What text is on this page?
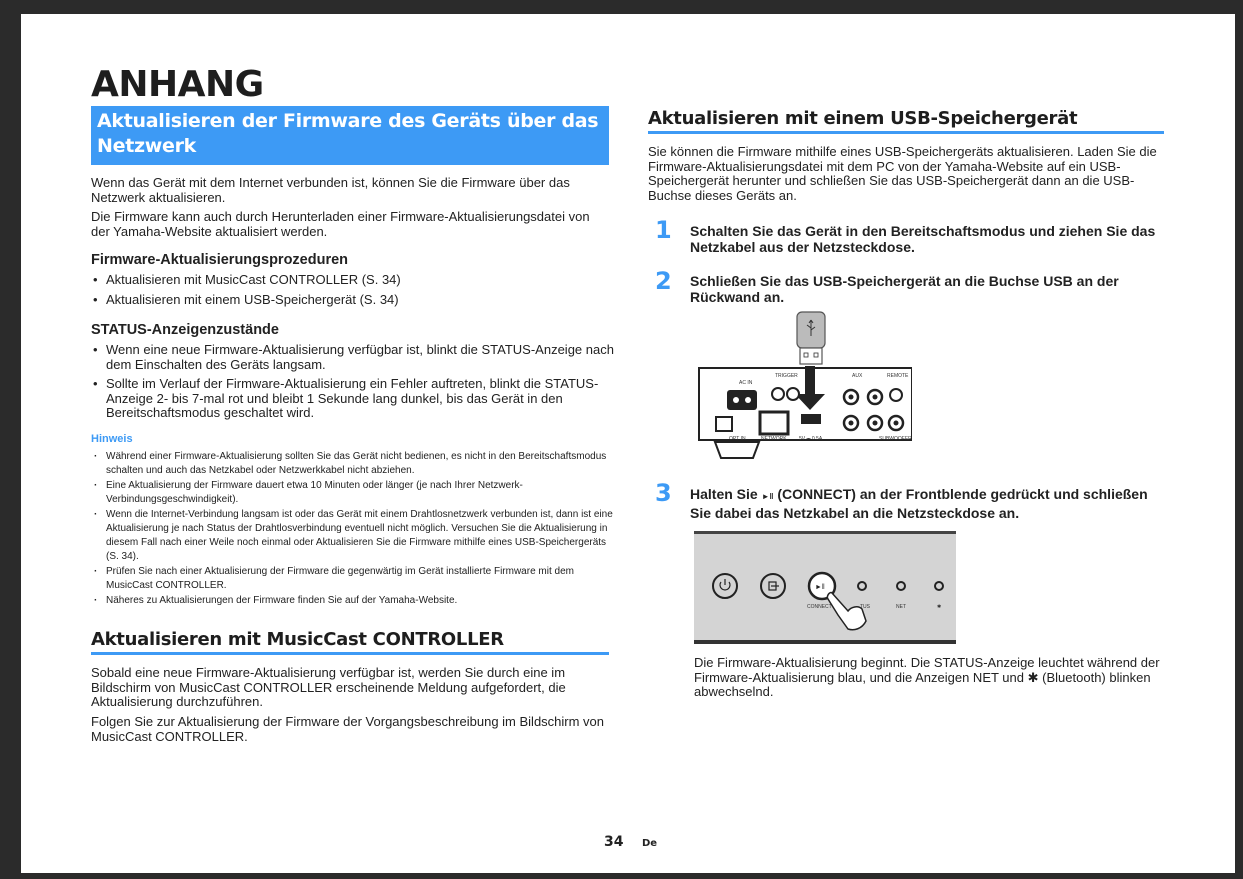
ANHANG
Aktualisieren der Firmware des Geräts über das
Netzwerk
Wenn das Gerät mit dem Internet verbunden ist, können Sie die Firmware über das
Netzwerk aktualisieren.
Die Firmware kann auch durch Herunterladen einer Firmware-Aktualisierungsdatei von
der Yamaha-Website aktualisiert werden.
Firmware-Aktualisierungsprozeduren
• Aktualisieren mit MusicCast CONTROLLER (S. 34)
• Aktualisieren mit einem USB-Speichergerät (S. 34)
STATUS-Anzeigenzustände
• Wenn eine neue Firmware-Aktualisierung verfügbar ist, blinkt die STATUS-Anzeige nach dem Einschalten des Geräts langsam.
• Sollte im Verlauf der Firmware-Aktualisierung ein Fehler auftreten, blinkt die STATUS-Anzeige 2- bis 7-mal rot und bleibt 1 Sekunde lang dunkel, bis das Gerät in den Bereitschaftsmodus geschaltet wird.
Hinweis
· Während einer Firmware-Aktualisierung sollten Sie das Gerät nicht bedienen, es nicht in den Bereitschaftsmodus schalten und auch das Netzkabel oder Netzwerkkabel nicht abziehen.
· Eine Aktualisierung der Firmware dauert etwa 10 Minuten oder länger (je nach Ihrer Netzwerk-Verbindungsgeschwindigkeit).
· Wenn die Internet-Verbindung langsam ist oder das Gerät mit einem Drahtlosnetzwerk verbunden ist, dann ist eine Aktualisierung je nach Status der Drahtlosverbindung eventuell nicht möglich. Versuchen Sie die Aktualisierung in diesem Fall nach einer Weile noch einmal oder Aktualisieren Sie die Firmware mithilfe eines USB-Speichergeräts (S. 34).
· Prüfen Sie nach einer Aktualisierung der Firmware die gegenwärtig im Gerät installierte Firmware mit dem MusicCast CONTROLLER.
· Näheres zu Aktualisierungen der Firmware finden Sie auf der Yamaha-Website.
Aktualisieren mit MusicCast CONTROLLER
Sobald eine neue Firmware-Aktualisierung verfügbar ist, werden Sie durch eine im Bildschirm von MusicCast CONTROLLER erscheinende Meldung aufgefordert, die Aktualisierung durchzuführen.
Folgen Sie zur Aktualisierung der Firmware der Vorgangsbeschreibung im Bildschirm von MusicCast CONTROLLER.
Aktualisieren mit einem USB-Speichergerät
Sie können die Firmware mithilfe eines USB-Speichergeräts aktualisieren. Laden Sie die Firmware-Aktualisierungsdatei mit dem PC von der Yamaha-Website auf ein USB-Speichergerät herunter und schließen Sie das USB-Speichergerät dann an die USB-Buchse dieses Geräts an.
1 Schalten Sie das Gerät in den Bereitschaftsmodus und ziehen Sie das Netzkabel aus der Netzsteckdose.
2 Schließen Sie das USB-Speichergerät an die Buchse USB an der Rückwand an.
AC IN
TRIGGER	AUX	REMOTE
OPT IN	NETWORK 5V ⎓ 0.5A	SUBWOOFER
3 Halten Sie ►‖ (CONNECT) an der Frontblende gedrückt und schließen Sie dabei das Netzkabel an die Netzsteckdose an.
►‖
CONNECT	TUS	NET	✱
Die Firmware-Aktualisierung beginnt. Die STATUS-Anzeige leuchtet während der Firmware-Aktualisierung blau, und die Anzeigen NET und ✱ (Bluetooth) blinken abwechselnd.
34 De
